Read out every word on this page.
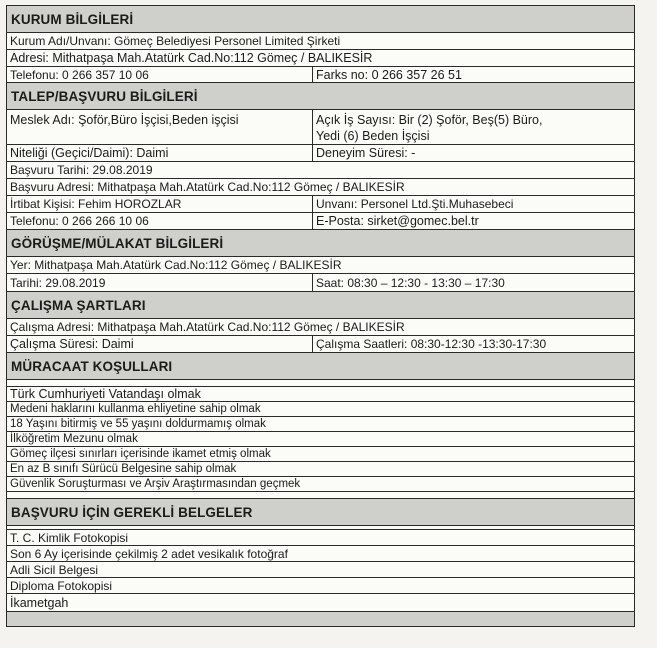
KURUM BİLGİLERİ
Kurum Adı/Unvanı: Gömeç Belediyesi Personel Limited Şirketi
Adresi: Mithatpaşa Mah.Atatürk Cad.No:112 Gömeç / BALIKESİR
Telefonu: 0 266 357 10 06	Farks no: 0 266 357 26 51
TALEP/BAŞVURU BİLGİLERİ
Meslek Adı: Şoför,Büro İşçisi,Beden işçisi	Açık İş Sayısı: Bir (2) Şoför, Beş(5) Büro,
Yedi (6) Beden İşçisi
Niteliği (Geçici/Daimi): Daimi	Deneyim Süresi: -
Başvuru Tarihi: 29.08.2019
Başvuru Adresi: Mithatpaşa Mah.Atatürk Cad.No:112 Gömeç / BALIKESİR
İrtibat Kişisi: Fehim HOROZLAR	Unvanı: Personel Ltd.Şti.Muhasebeci
Telefonu: 0 266 266 10 06	E-Posta: sirket@gomec.bel.tr
GÖRÜŞME/MÜLAKAT BİLGİLERİ
Yer: Mithatpaşa Mah.Atatürk Cad.No:112 Gömeç / BALIKESİR
Tarihi: 29.08.2019	Saat: 08:30 – 12:30 - 13:30 – 17:30
ÇALIŞMA ŞARTLARI
Çalışma Adresi: Mithatpaşa Mah.Atatürk Cad.No:112 Gömeç / BALIKESİR
Çalışma Süresi: Daimi	Çalışma Saatleri: 08:30-12:30 -13:30-17:30
MÜRACAAT KOŞULLARI
Türk Cumhuriyeti Vatandaşı olmak
Medeni haklarını kullanma ehliyetine sahip olmak
18 Yaşını bitirmiş ve 55 yaşını doldurmamış olmak
İlköğretim Mezunu olmak
Gömeç ilçesi sınırları içerisinde ikamet etmiş olmak
En az B sınıfı Sürücü Belgesine sahip olmak
Güvenlik Soruşturması ve Arşiv Araştırmasından geçmek
BAŞVURU İÇİN GEREKLİ BELGELER
T. C. Kimlik Fotokopisi
Son 6 Ay içerisinde çekilmiş 2 adet vesikalık fotoğraf
Adli Sicil Belgesi
Diploma Fotokopisi
İkametgah
